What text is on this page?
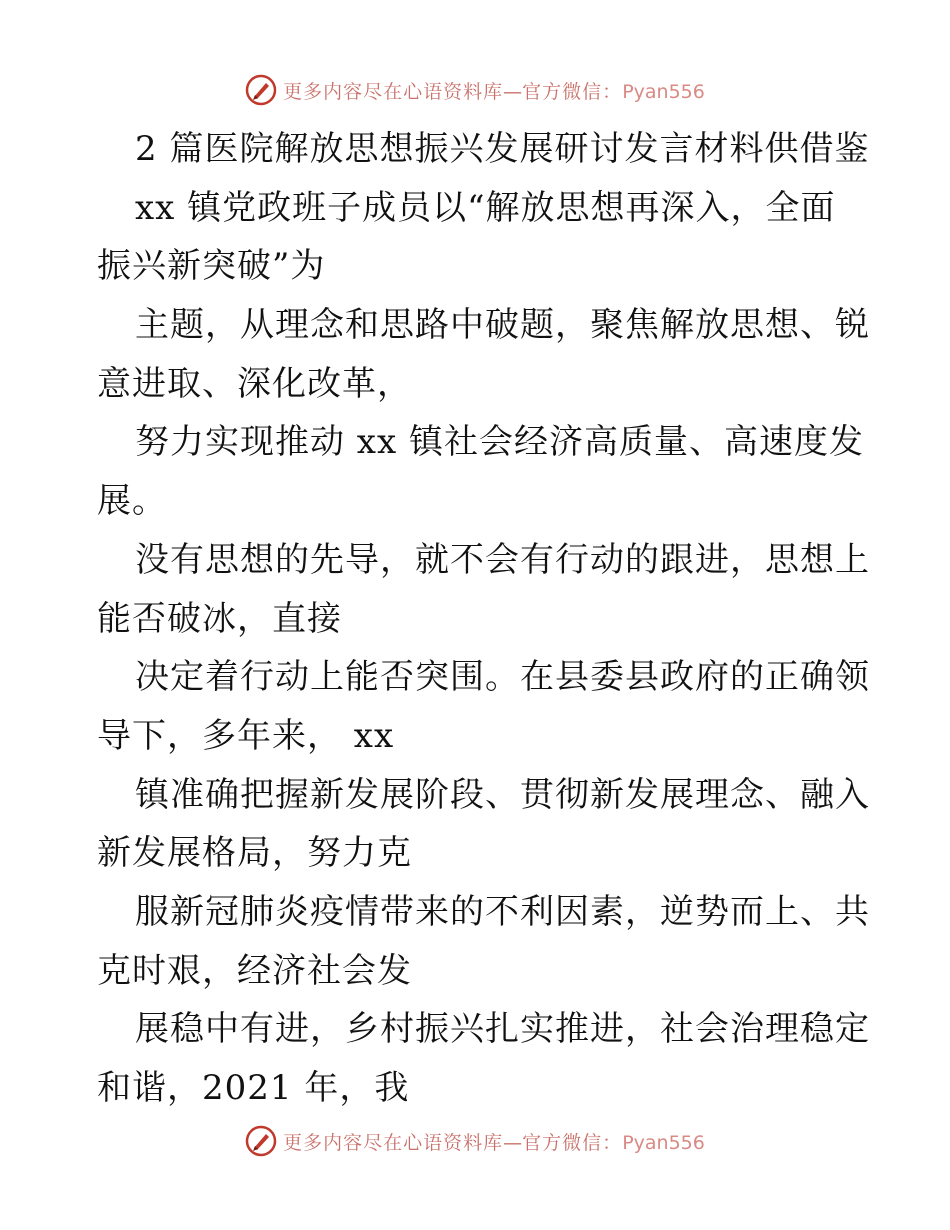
更多内容尽在心语资料库—官方微信：Pyan556
2 篇医院解放思想振兴发展研讨发言材料供借鉴
xx 镇党政班子成员以“解放思想再深入，全面
振兴新突破”为
主题，从理念和思路中破题，聚焦解放思想、锐
意进取、深化改革，
努力实现推动 xx 镇社会经济高质量、高速度发
展。
没有思想的先导，就不会有行动的跟进，思想上
能否破冰，直接
决定着行动上能否突围。在县委县政府的正确领
导下，多年来， xx
镇准确把握新发展阶段、贯彻新发展理念、融入
新发展格局，努力克
服新冠肺炎疫情带来的不利因素，逆势而上、共
克时艰，经济社会发
展稳中有进，乡村振兴扎实推进，社会治理稳定
和谐，2021 年，我
更多内容尽在心语资料库—官方微信：Pyan556
